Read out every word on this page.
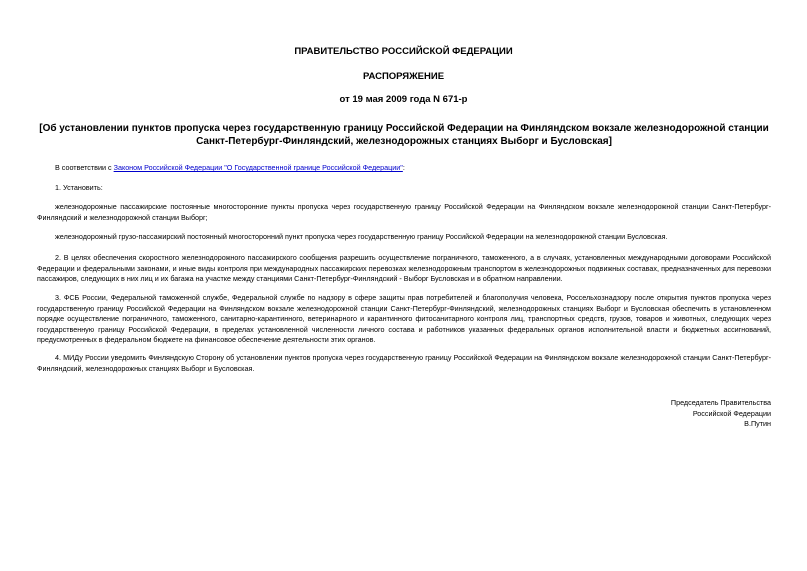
ПРАВИТЕЛЬСТВО РОССИЙСКОЙ ФЕДЕРАЦИИ
РАСПОРЯЖЕНИЕ
от 19 мая 2009 года N 671-р
[Об установлении пунктов пропуска через государственную границу Российской Федерации на Финляндском вокзале железнодорожной станции Санкт-Петербург-Финляндский, железнодорожных станциях Выборг и Бусловская]
В соответствии с Законом Российской Федерации "О Государственной границе Российской Федерации":
1. Установить:
железнодорожные пассажирские постоянные многосторонние пункты пропуска через государственную границу Российской Федерации на Финляндском вокзале железнодорожной станции Санкт-Петербург-Финляндский и железнодорожной станции Выборг;
железнодорожный грузо-пассажирский постоянный многосторонний пункт пропуска через государственную границу Российской Федерации на железнодорожной станции Бусловская.
2. В целях обеспечения скоростного железнодорожного пассажирского сообщения разрешить осуществление пограничного, таможенного, а в случаях, установленных международными договорами Российской Федерации и федеральными законами, и иные виды контроля при международных пассажирских перевозках железнодорожным транспортом в железнодорожных подвижных составах, предназначенных для перевозки пассажиров, следующих в них лиц и их багажа на участке между станциями Санкт-Петербург-Финляндский - Выборг Бусловская и в обратном направлении.
3. ФСБ России, Федеральной таможенной службе, Федеральной службе по надзору в сфере защиты прав потребителей и благополучия человека, Россельхознадзору после открытия пунктов пропуска через государственную границу Российской Федерации на Финляндском вокзале железнодорожной станции Санкт-Петербург-Финляндский, железнодорожных станциях Выборг и Бусловская обеспечить в установленном порядке осуществление пограничного, таможенного, санитарно-карантинного, ветеринарного и карантинного фитосанитарного контроля лиц, транспортных средств, грузов, товаров и животных, следующих через государственную границу Российской Федерации, в пределах установленной численности личного состава и работников указанных федеральных органов исполнительной власти и бюджетных ассигнований, предусмотренных в федеральном бюджете на финансовое обеспечение деятельности этих органов.
4. МИДу России уведомить Финляндскую Сторону об установлении пунктов пропуска через государственную границу Российской Федерации на Финляндском вокзале железнодорожной станции Санкт-Петербург-Финляндский, железнодорожных станциях Выборг и Бусловская.
Председатель Правительства
Российской Федерации
В.Путин
